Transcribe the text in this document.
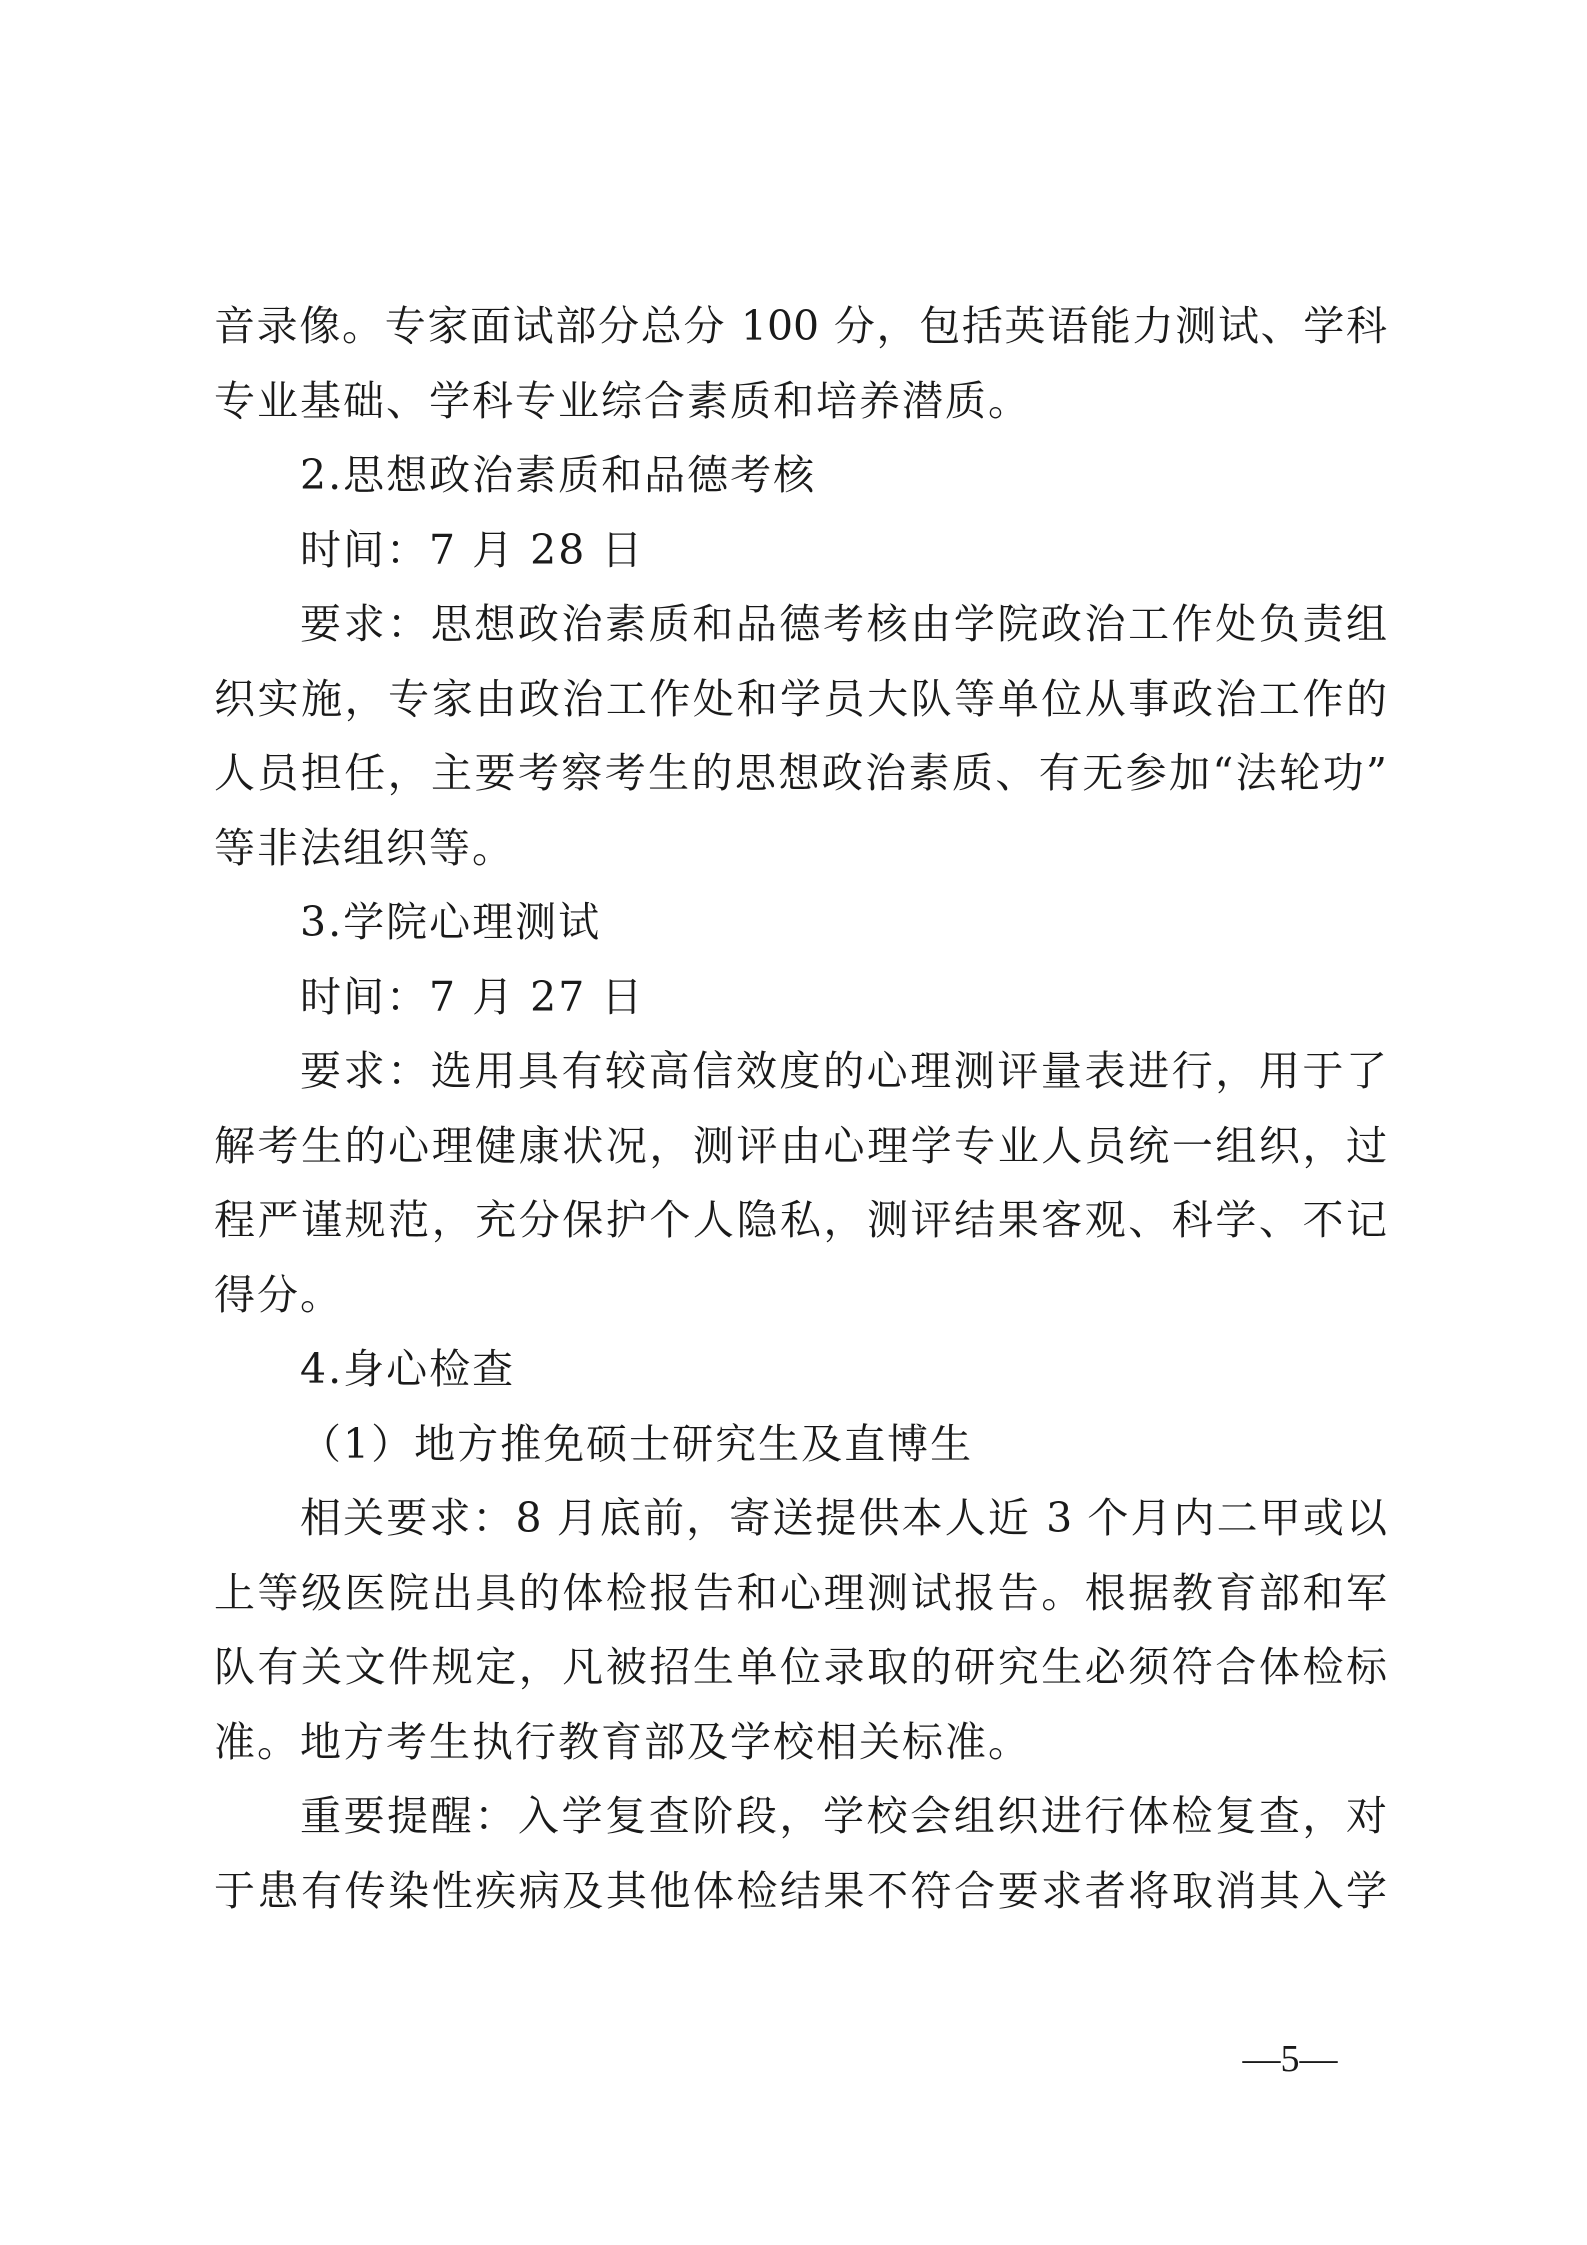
音录像。专家面试部分总分 100 分，包括英语能力测试、学科
专业基础、学科专业综合素质和培养潜质。
2.思想政治素质和品德考核
时间：7 月 28 日
要求：思想政治素质和品德考核由学院政治工作处负责组
织实施，专家由政治工作处和学员大队等单位从事政治工作的
人员担任，主要考察考生的思想政治素质、有无参加“法轮功”
等非法组织等。
3.学院心理测试
时间：7 月 27 日
要求：选用具有较高信效度的心理测评量表进行，用于了
解考生的心理健康状况，测评由心理学专业人员统一组织，过
程严谨规范，充分保护个人隐私，测评结果客观、科学、不记
得分。
4.身心检查
（1）地方推免硕士研究生及直博生
相关要求：8 月底前，寄送提供本人近 3 个月内二甲或以
上等级医院出具的体检报告和心理测试报告。根据教育部和军
队有关文件规定，凡被招生单位录取的研究生必须符合体检标
准。地方考生执行教育部及学校相关标准。
重要提醒：入学复查阶段，学校会组织进行体检复查，对
于患有传染性疾病及其他体检结果不符合要求者将取消其入学
—5—
